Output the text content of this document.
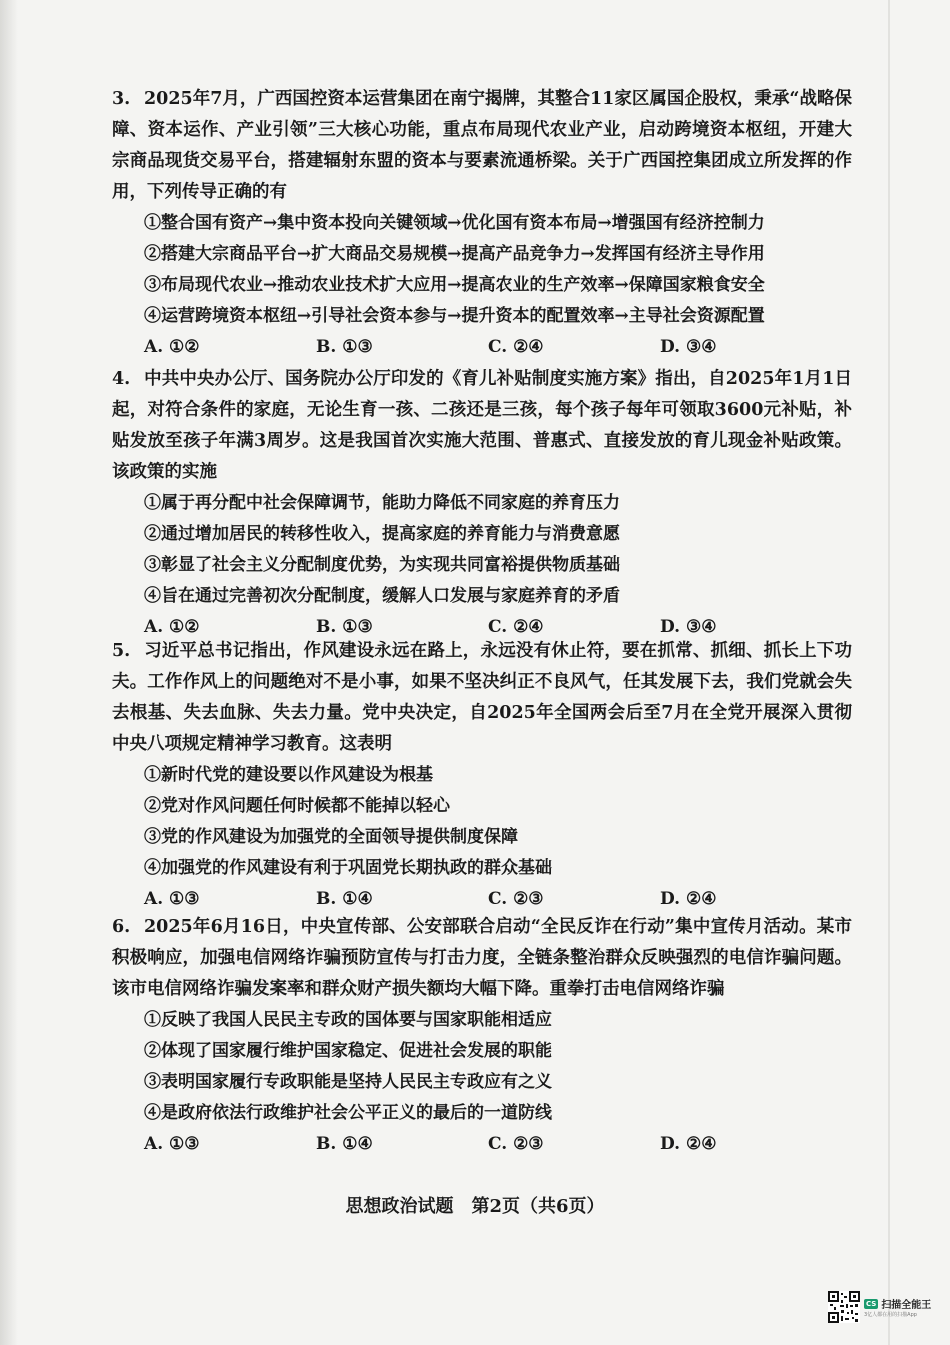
3. 2025年7月，广西国控资本运营集团在南宁揭牌，其整合11家区属国企股权，秉承“战略保障、资本运作、产业引领”三大核心功能，重点布局现代农业产业，启动跨境资本枢纽，开建大宗商品现货交易平台，搭建辐射东盟的资本与要素流通桥梁。关于广西国控集团成立所发挥的作用，下列传导正确的有

①整合国有资产→集中资本投向关键领域→优化国有资本布局→增强国有经济控制力
②搭建大宗商品平台→扩大商品交易规模→提高产品竞争力→发挥国有经济主导作用
③布局现代农业→推动农业技术扩大应用→提高农业的生产效率→保障国家粮食安全
④运营跨境资本枢纽→引导社会资本参与→提升资本的配置效率→主导社会资源配置
A. ①②	B. ①③	C. ②④	D. ③④

4. 中共中央办公厅、国务院办公厅印发的《育儿补贴制度实施方案》指出，自2025年1月1日起，对符合条件的家庭，无论生育一孩、二孩还是三孩，每个孩子每年可领取3600元补贴，补贴发放至孩子年满3周岁。这是我国首次实施大范围、普惠式、直接发放的育儿现金补贴政策。该政策的实施

①属于再分配中社会保障调节，能助力降低不同家庭的养育压力
②通过增加居民的转移性收入，提高家庭的养育能力与消费意愿
③彰显了社会主义分配制度优势，为实现共同富裕提供物质基础
④旨在通过完善初次分配制度，缓解人口发展与家庭养育的矛盾
A. ①②	B. ①③	C. ②④	D. ③④

5. 习近平总书记指出，作风建设永远在路上，永远没有休止符，要在抓常、抓细、抓长上下功夫。工作作风上的问题绝对不是小事，如果不坚决纠正不良风气，任其发展下去，我们党就会失去根基、失去血脉、失去力量。党中央决定，自2025年全国两会后至7月在全党开展深入贯彻中央八项规定精神学习教育。这表明

①新时代党的建设要以作风建设为根基
②党对作风问题任何时候都不能掉以轻心
③党的作风建设为加强党的全面领导提供制度保障
④加强党的作风建设有利于巩固党长期执政的群众基础
A. ①③	B. ①④	C. ②③	D. ②④

6. 2025年6月16日，中央宣传部、公安部联合启动“全民反诈在行动”集中宣传月活动。某市积极响应，加强电信网络诈骗预防宣传与打击力度，全链条整治群众反映强烈的电信诈骗问题。该市电信网络诈骗发案率和群众财产损失额均大幅下降。重拳打击电信网络诈骗

①反映了我国人民民主专政的国体要与国家职能相适应
②体现了国家履行维护国家稳定、促进社会发展的职能
③表明国家履行专政职能是坚持人民民主专政应有之义
④是政府依法行政维护社会公平正义的最后的一道防线
A. ①③	B. ①④	C. ②③	D. ②④
思想政治试题　第2页（共6页）
CS 扫描全能王
3亿人都在用的扫描App
